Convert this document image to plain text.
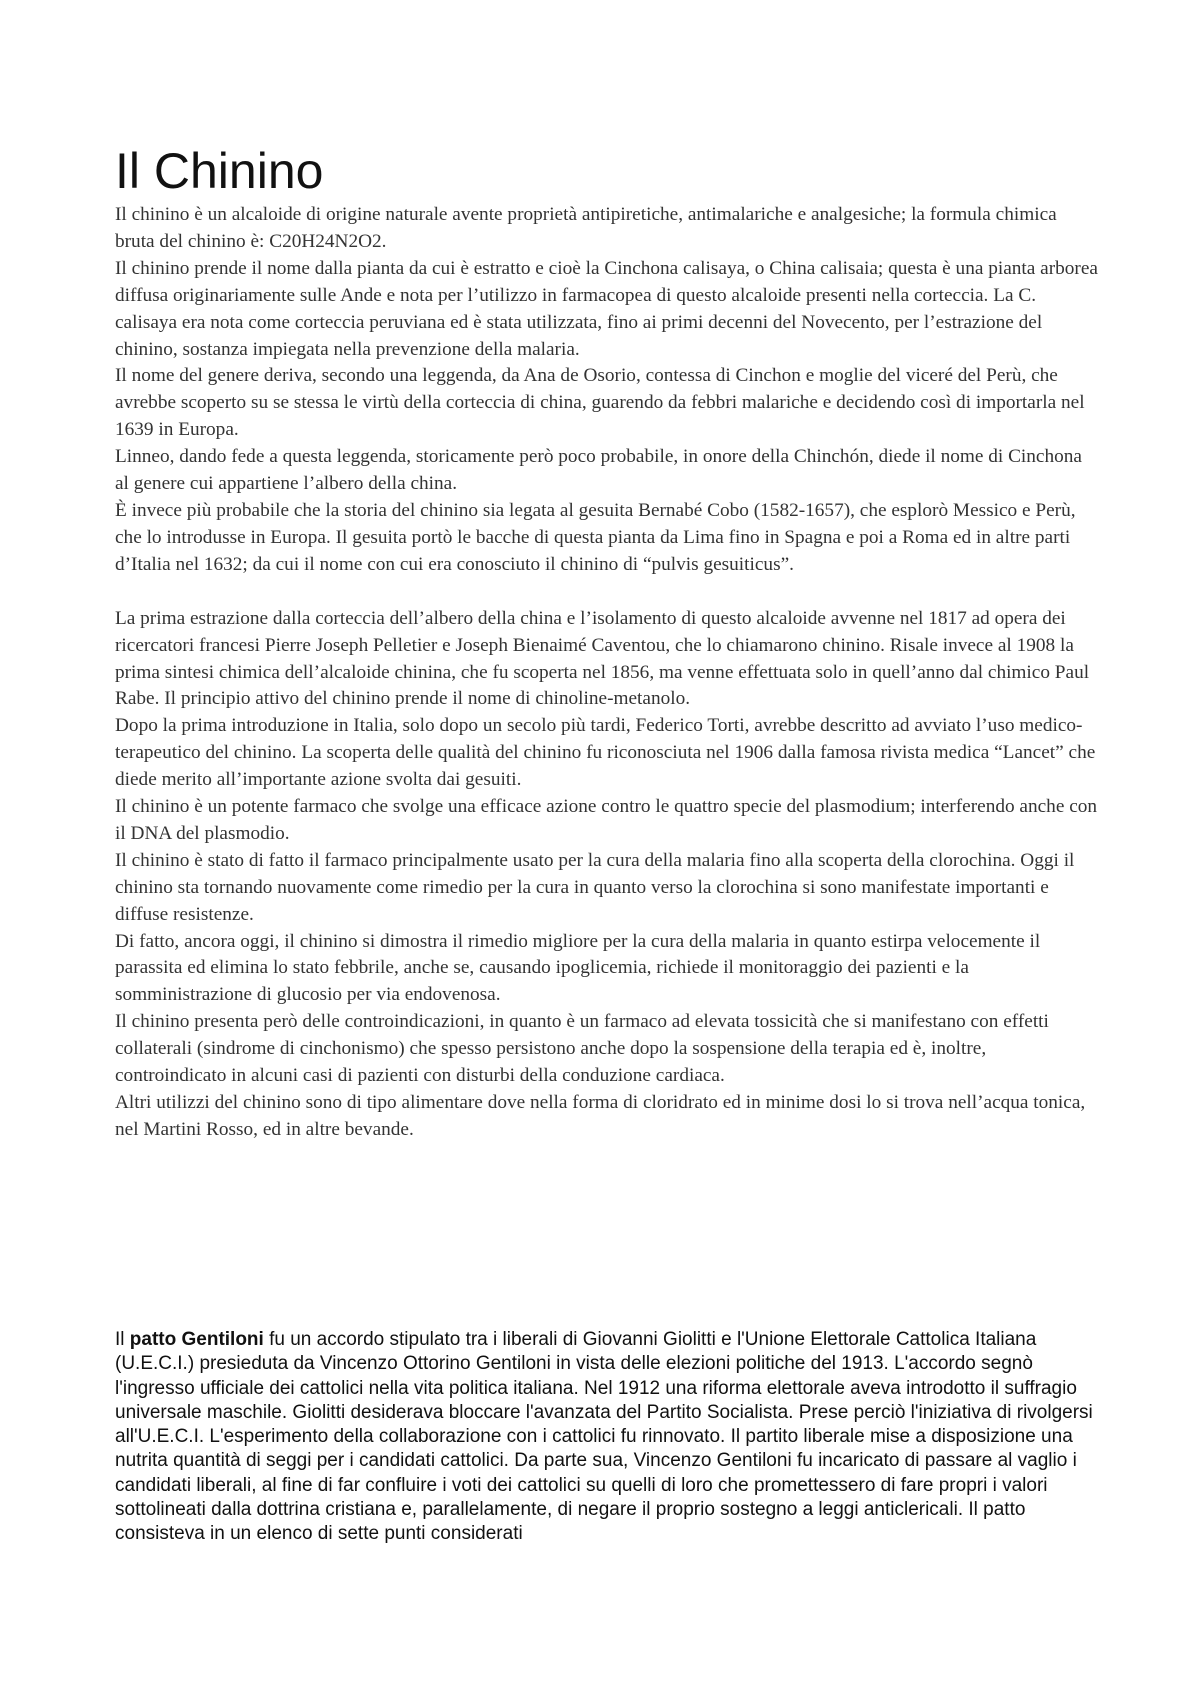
Il Chinino

Il chinino è un alcaloide di origine naturale avente proprietà antipiretiche, antimalariche e analgesiche; la formula chimica bruta del chinino è: C20H24N2O2.

Il chinino prende il nome dalla pianta da cui è estratto e cioè la Cinchona calisaya, o China calisaia; questa è una pianta arborea diffusa originariamente sulle Ande e nota per l’utilizzo in farmacopea di questo alcaloide presenti nella corteccia. La C. calisaya era nota come corteccia peruviana ed è stata utilizzata, fino ai primi decenni del Novecento, per l’estrazione del chinino, sostanza impiegata nella prevenzione della malaria.

Il nome del genere deriva, secondo una leggenda, da Ana de Osorio, contessa di Cinchon e moglie del viceré del Perù, che avrebbe scoperto su se stessa le virtù della corteccia di china, guarendo da febbri malariche e decidendo così di importarla nel 1639 in Europa.

Linneo, dando fede a questa leggenda, storicamente però poco probabile, in onore della Chinchón, diede il nome di Cinchona al genere cui appartiene l’albero della china.

È invece più probabile che la storia del chinino sia legata al gesuita Bernabé Cobo (1582-1657), che esplorò Messico e Perù, che lo introdusse in Europa. Il gesuita portò le bacche di questa pianta da Lima fino in Spagna e poi a Roma ed in altre parti d’Italia nel 1632; da cui il nome con cui era conosciuto il chinino di “pulvis gesuiticus”.

La prima estrazione dalla corteccia dell’albero della china e l’isolamento di questo alcaloide avvenne nel 1817 ad opera dei ricercatori francesi Pierre Joseph Pelletier e Joseph Bienaimé Caventou, che lo chiamarono chinino. Risale invece al 1908 la prima sintesi chimica dell’alcaloide chinina, che fu scoperta nel 1856, ma venne effettuata solo in quell’anno dal chimico Paul Rabe. Il principio attivo del chinino prende il nome di chinoline-metanolo.

Dopo la prima introduzione in Italia, solo dopo un secolo più tardi, Federico Torti, avrebbe descritto ad avviato l’uso medico-terapeutico del chinino. La scoperta delle qualità del chinino fu riconosciuta nel 1906 dalla famosa rivista medica “Lancet” che diede merito all’importante azione svolta dai gesuiti.

Il chinino è un potente farmaco che svolge una efficace azione contro le quattro specie del plasmodium; interferendo anche con il DNA del plasmodio.

Il chinino è stato di fatto il farmaco principalmente usato per la cura della malaria fino alla scoperta della clorochina. Oggi il chinino sta tornando nuovamente come rimedio per la cura in quanto verso la clorochina si sono manifestate importanti e diffuse resistenze.

Di fatto, ancora oggi, il chinino si dimostra il rimedio migliore per la cura della malaria in quanto estirpa velocemente il parassita ed elimina lo stato febbrile, anche se, causando ipoglicemia, richiede il monitoraggio dei pazienti e la somministrazione di glucosio per via endovenosa.

Il chinino presenta però delle controindicazioni, in quanto è un farmaco ad elevata tossicità che si manifestano con effetti collaterali (sindrome di cinchonismo) che spesso persistono anche dopo la sospensione della terapia ed è, inoltre, controindicato in alcuni casi di pazienti con disturbi della conduzione cardiaca.

Altri utilizzi del chinino sono di tipo alimentare dove nella forma di cloridrato ed in minime dosi lo si trova nell’acqua tonica, nel Martini Rosso, ed in altre bevande.

Il patto Gentiloni fu un accordo stipulato tra i liberali di Giovanni Giolitti e l'Unione Elettorale Cattolica Italiana (U.E.C.I.) presieduta da Vincenzo Ottorino Gentiloni in vista delle elezioni politiche del 1913. L'accordo segnò l'ingresso ufficiale dei cattolici nella vita politica italiana. Nel 1912 una riforma elettorale aveva introdotto il suffragio universale maschile. Giolitti desiderava bloccare l'avanzata del Partito Socialista. Prese perciò l'iniziativa di rivolgersi all'U.E.C.I. L'esperimento della collaborazione con i cattolici fu rinnovato. Il partito liberale mise a disposizione una nutrita quantità di seggi per i candidati cattolici. Da parte sua, Vincenzo Gentiloni fu incaricato di passare al vaglio i candidati liberali, al fine di far confluire i voti dei cattolici su quelli di loro che promettessero di fare propri i valori sottolineati dalla dottrina cristiana e, parallelamente, di negare il proprio sostegno a leggi anticlericali. Il patto consisteva in un elenco di sette punti considerati
